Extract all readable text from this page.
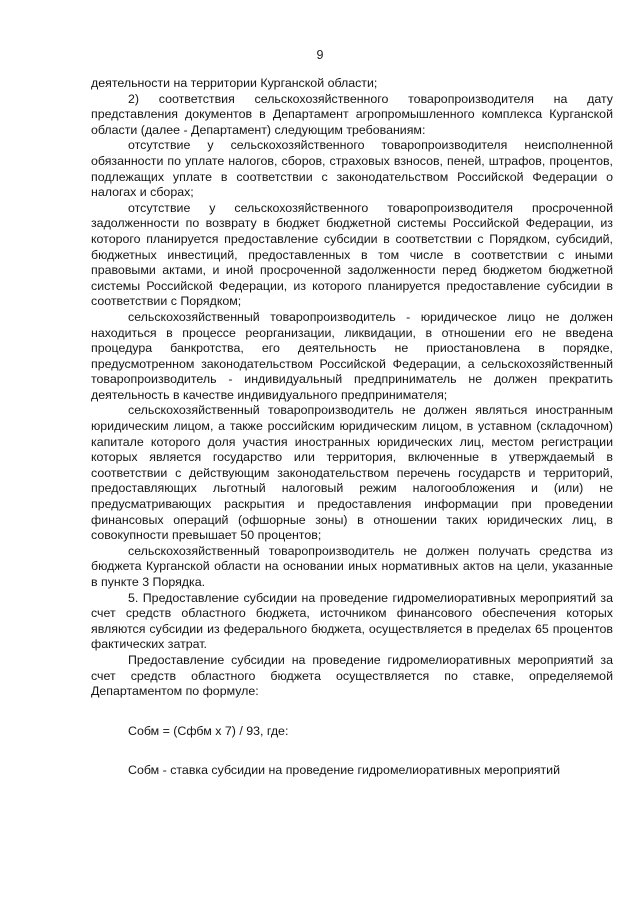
9

деятельности на территории Курганской области;

2) соответствия сельскохозяйственного товаропроизводителя на дату представления документов в Департамент агропромышленного комплекса Курганской области (далее - Департамент) следующим требованиям:

отсутствие у сельскохозяйственного товаропроизводителя неисполненной обязанности по уплате налогов, сборов, страховых взносов, пеней, штрафов, процентов, подлежащих уплате в соответствии с законодательством Российской Федерации о налогах и сборах;

отсутствие у сельскохозяйственного товаропроизводителя просроченной задолженности по возврату в бюджет бюджетной системы Российской Федерации, из которого планируется предоставление субсидии в соответствии с Порядком, субсидий, бюджетных инвестиций, предоставленных в том числе в соответствии с иными правовыми актами, и иной просроченной задолженности перед бюджетом бюджетной системы Российской Федерации, из которого планируется предоставление субсидии в соответствии с Порядком;

сельскохозяйственный товаропроизводитель - юридическое лицо не должен находиться в процессе реорганизации, ликвидации, в отношении его не введена процедура банкротства, его деятельность не приостановлена в порядке, предусмотренном законодательством Российской Федерации, а сельскохозяйственный товаропроизводитель - индивидуальный предприниматель не должен прекратить деятельность в качестве индивидуального предпринимателя;

сельскохозяйственный товаропроизводитель не должен являться иностранным юридическим лицом, а также российским юридическим лицом, в уставном (складочном) капитале которого доля участия иностранных юридических лиц, местом регистрации которых является государство или территория, включенные в утверждаемый в соответствии с действующим законодательством перечень государств и территорий, предоставляющих льготный налоговый режим налогообложения и (или) не предусматривающих раскрытия и предоставления информации при проведении финансовых операций (офшорные зоны) в отношении таких юридических лиц, в совокупности превышает 50 процентов;

сельскохозяйственный товаропроизводитель не должен получать средства из бюджета Курганской области на основании иных нормативных актов на цели, указанные в пункте 3 Порядка.

5. Предоставление субсидии на проведение гидромелиоративных мероприятий за счет средств областного бюджета, источником финансового обеспечения которых являются субсидии из федерального бюджета, осуществляется в пределах 65 процентов фактических затрат.

Предоставление субсидии на проведение гидромелиоративных мероприятий за счет средств областного бюджета осуществляется по ставке, определяемой Департаментом по формуле:

Собм = (Сфбм х 7) / 93, где:

Собм - ставка субсидии на проведение гидромелиоративных мероприятий
